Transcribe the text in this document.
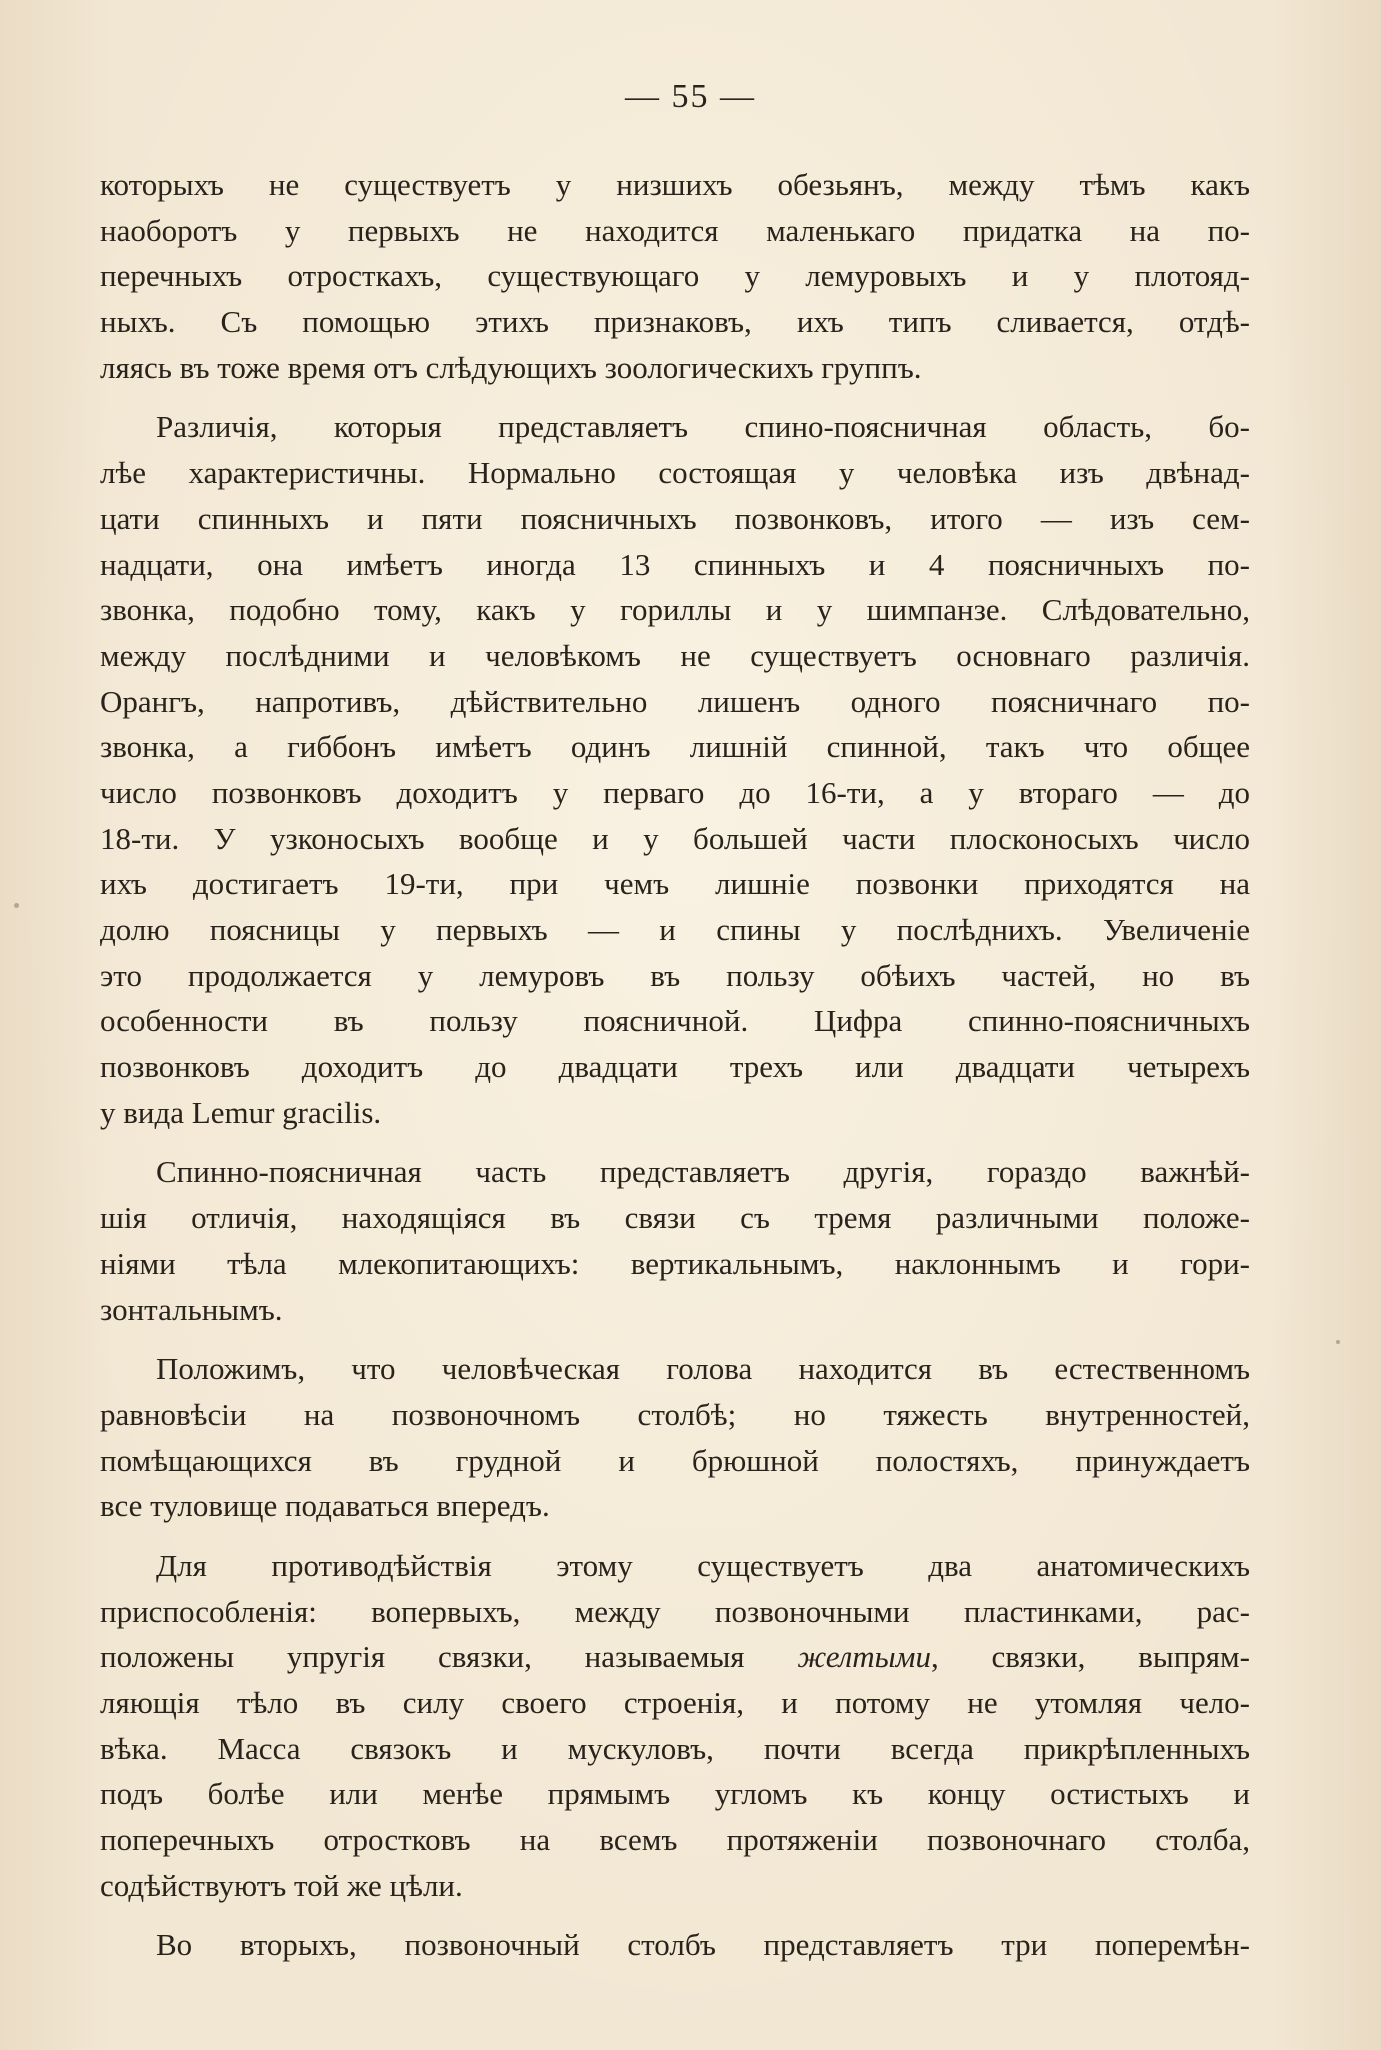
— 55 —
которыхъ не существуетъ у низшихъ обезьянъ, между тѣмъ какъ
наоборотъ у первыхъ не находится маленькаго придатка на по-
перечныхъ отросткахъ, существующаго у лемуровыхъ и у плотояд-
ныхъ. Съ помощью этихъ признаковъ, ихъ типъ сливается, отдѣ-
ляясь въ тоже время отъ слѣдующихъ зоологическихъ группъ.
Различія, которыя представляетъ спино-поясничная область, бо-
лѣе характеристичны. Нормально состоящая у человѣка изъ двѣнад-
цати спинныхъ и пяти поясничныхъ позвонковъ, итого — изъ сем-
надцати, она имѣетъ иногда 13 спинныхъ и 4 поясничныхъ по-
звонка, подобно тому, какъ у гориллы и у шимпанзе. Слѣдовательно,
между послѣдними и человѣкомъ не существуетъ основнаго различія.
Орангъ, напротивъ, дѣйствительно лишенъ одного поясничнаго по-
звонка, а гиббонъ имѣетъ одинъ лишній спинной, такъ что общее
число позвонковъ доходитъ у перваго до 16-ти, а у втораго — до
18-ти. У узконосыхъ вообще и у большей части плосконосыхъ число
ихъ достигаетъ 19-ти, при чемъ лишніе позвонки приходятся на
долю поясницы у первыхъ — и спины у послѣднихъ. Увеличеніе
это продолжается у лемуровъ въ пользу обѣихъ частей, но въ
особенности въ пользу поясничной. Цифра спинно-поясничныхъ
позвонковъ доходитъ до двадцати трехъ или двадцати четырехъ
у вида Lemur gracilis.
Спинно-поясничная часть представляетъ другія, гораздо важнѣй-
шія отличія, находящіяся въ связи съ тремя различными положе-
ніями тѣла млекопитающихъ: вертикальнымъ, наклоннымъ и гори-
зонтальнымъ.
Положимъ, что человѣческая голова находится въ естественномъ
равновѣсіи на позвоночномъ столбѣ; но тяжесть внутренностей,
помѣщающихся въ грудной и брюшной полостяхъ, принуждаетъ
все туловище подаваться впередъ.
Для противодѣйствія этому существуетъ два анатомическихъ
приспособленія: вопервыхъ, между позвоночными пластинками, рас-
положены упругія связки, называемыя желтыми, связки, выпрям-
ляющія тѣло въ силу своего строенія, и потому не утомляя чело-
вѣка. Масса связокъ и мускуловъ, почти всегда прикрѣпленныхъ
подъ болѣе или менѣе прямымъ угломъ къ концу остистыхъ и
поперечныхъ отростковъ на всемъ протяженіи позвоночнаго столба,
содѣйствуютъ той же цѣли.
Во вторыхъ, позвоночный столбъ представляетъ три поперемѣн-
